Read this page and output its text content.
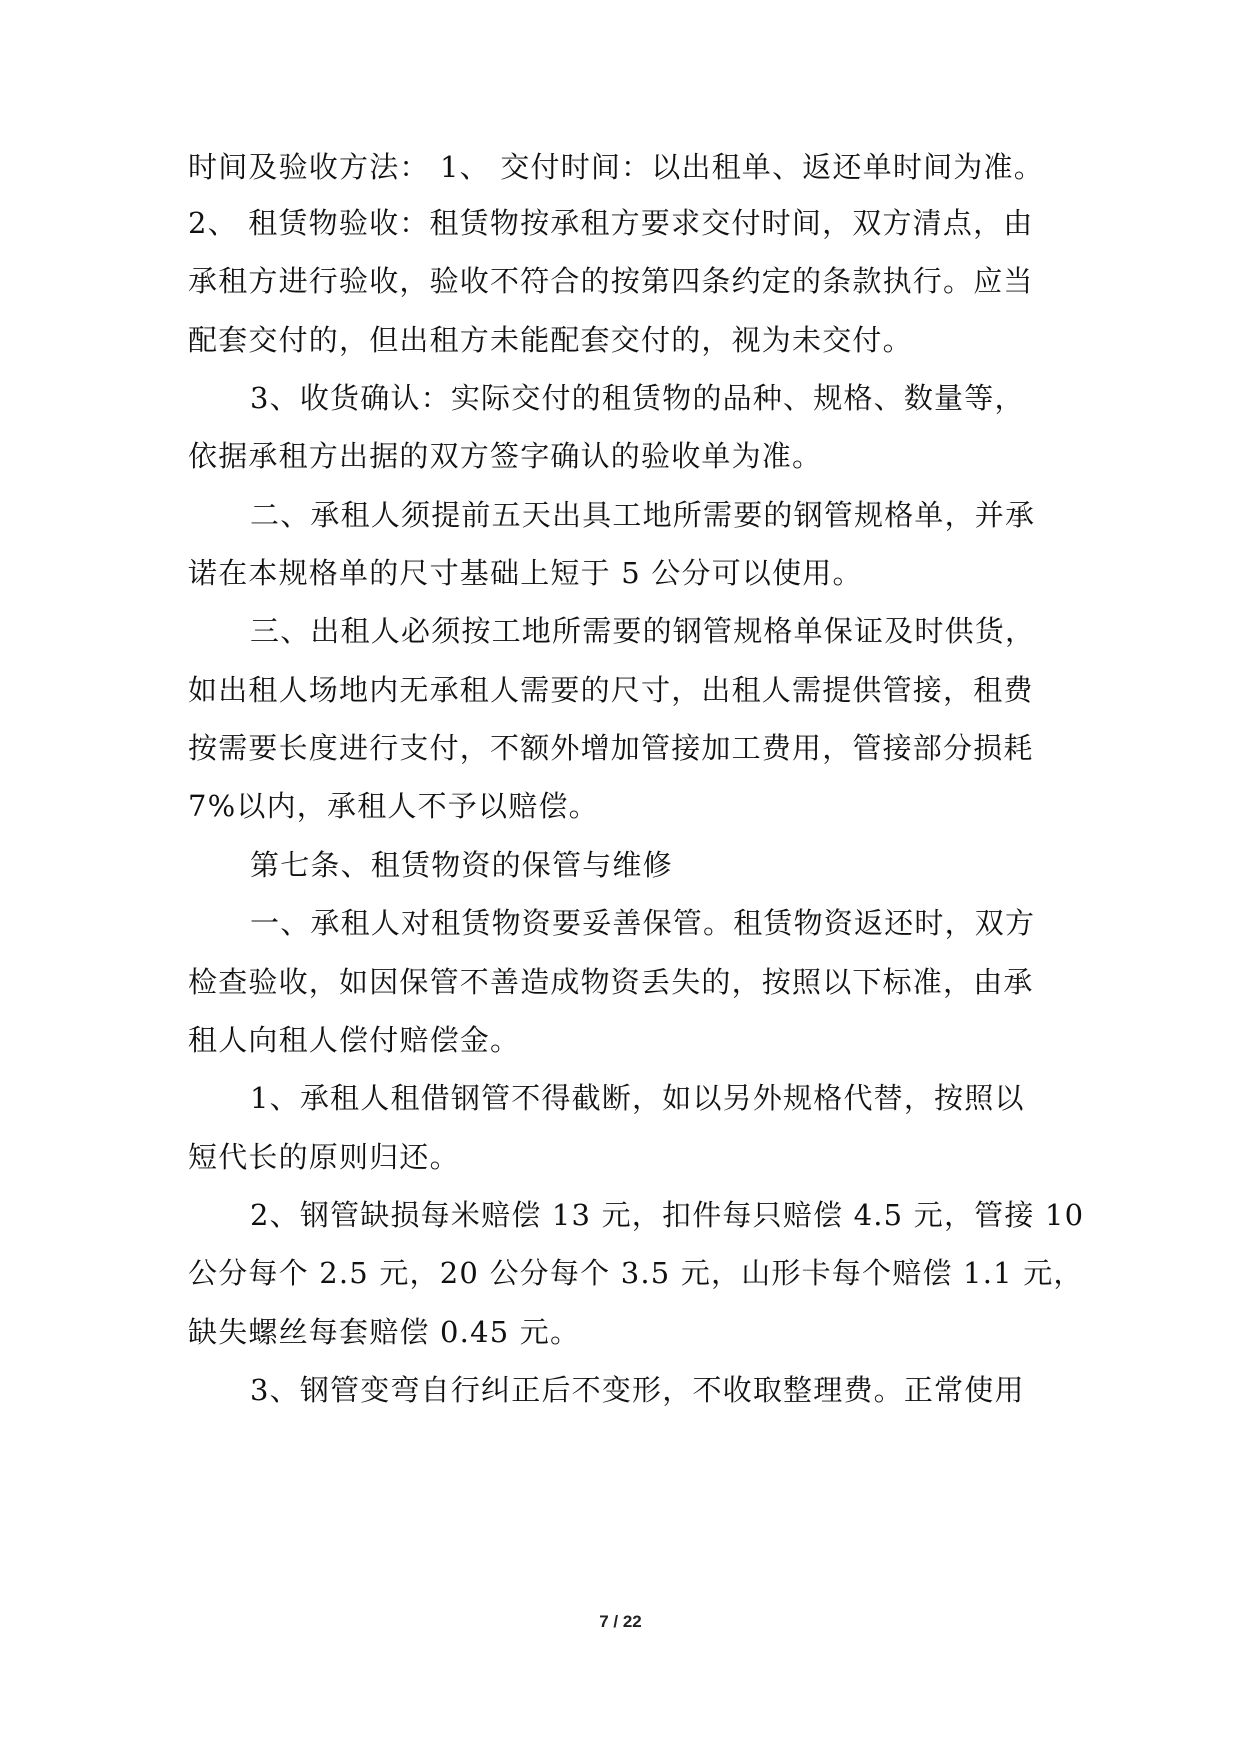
时间及验收方法： 1、 交付时间：以出租单、返还单时间为准。
2、 租赁物验收：租赁物按承租方要求交付时间，双方清点，由
承租方进行验收，验收不符合的按第四条约定的条款执行。应当
配套交付的，但出租方未能配套交付的，视为未交付。
3、收货确认：实际交付的租赁物的品种、规格、数量等，
依据承租方出据的双方签字确认的验收单为准。
二、承租人须提前五天出具工地所需要的钢管规格单，并承
诺在本规格单的尺寸基础上短于 5 公分可以使用。
三、出租人必须按工地所需要的钢管规格单保证及时供货，
如出租人场地内无承租人需要的尺寸，出租人需提供管接，租费
按需要长度进行支付，不额外增加管接加工费用，管接部分损耗
7%以内，承租人不予以赔偿。
第七条、租赁物资的保管与维修
一、承租人对租赁物资要妥善保管。租赁物资返还时，双方
检查验收，如因保管不善造成物资丢失的，按照以下标准，由承
租人向租人偿付赔偿金。
1、承租人租借钢管不得截断，如以另外规格代替，按照以
短代长的原则归还。
2、钢管缺损每米赔偿 13 元，扣件每只赔偿 4.5 元，管接 10
公分每个 2.5 元，20 公分每个 3.5 元，山形卡每个赔偿 1.1 元，
缺失螺丝每套赔偿 0.45 元。
3、钢管变弯自行纠正后不变形，不收取整理费。正常使用
7 / 22
